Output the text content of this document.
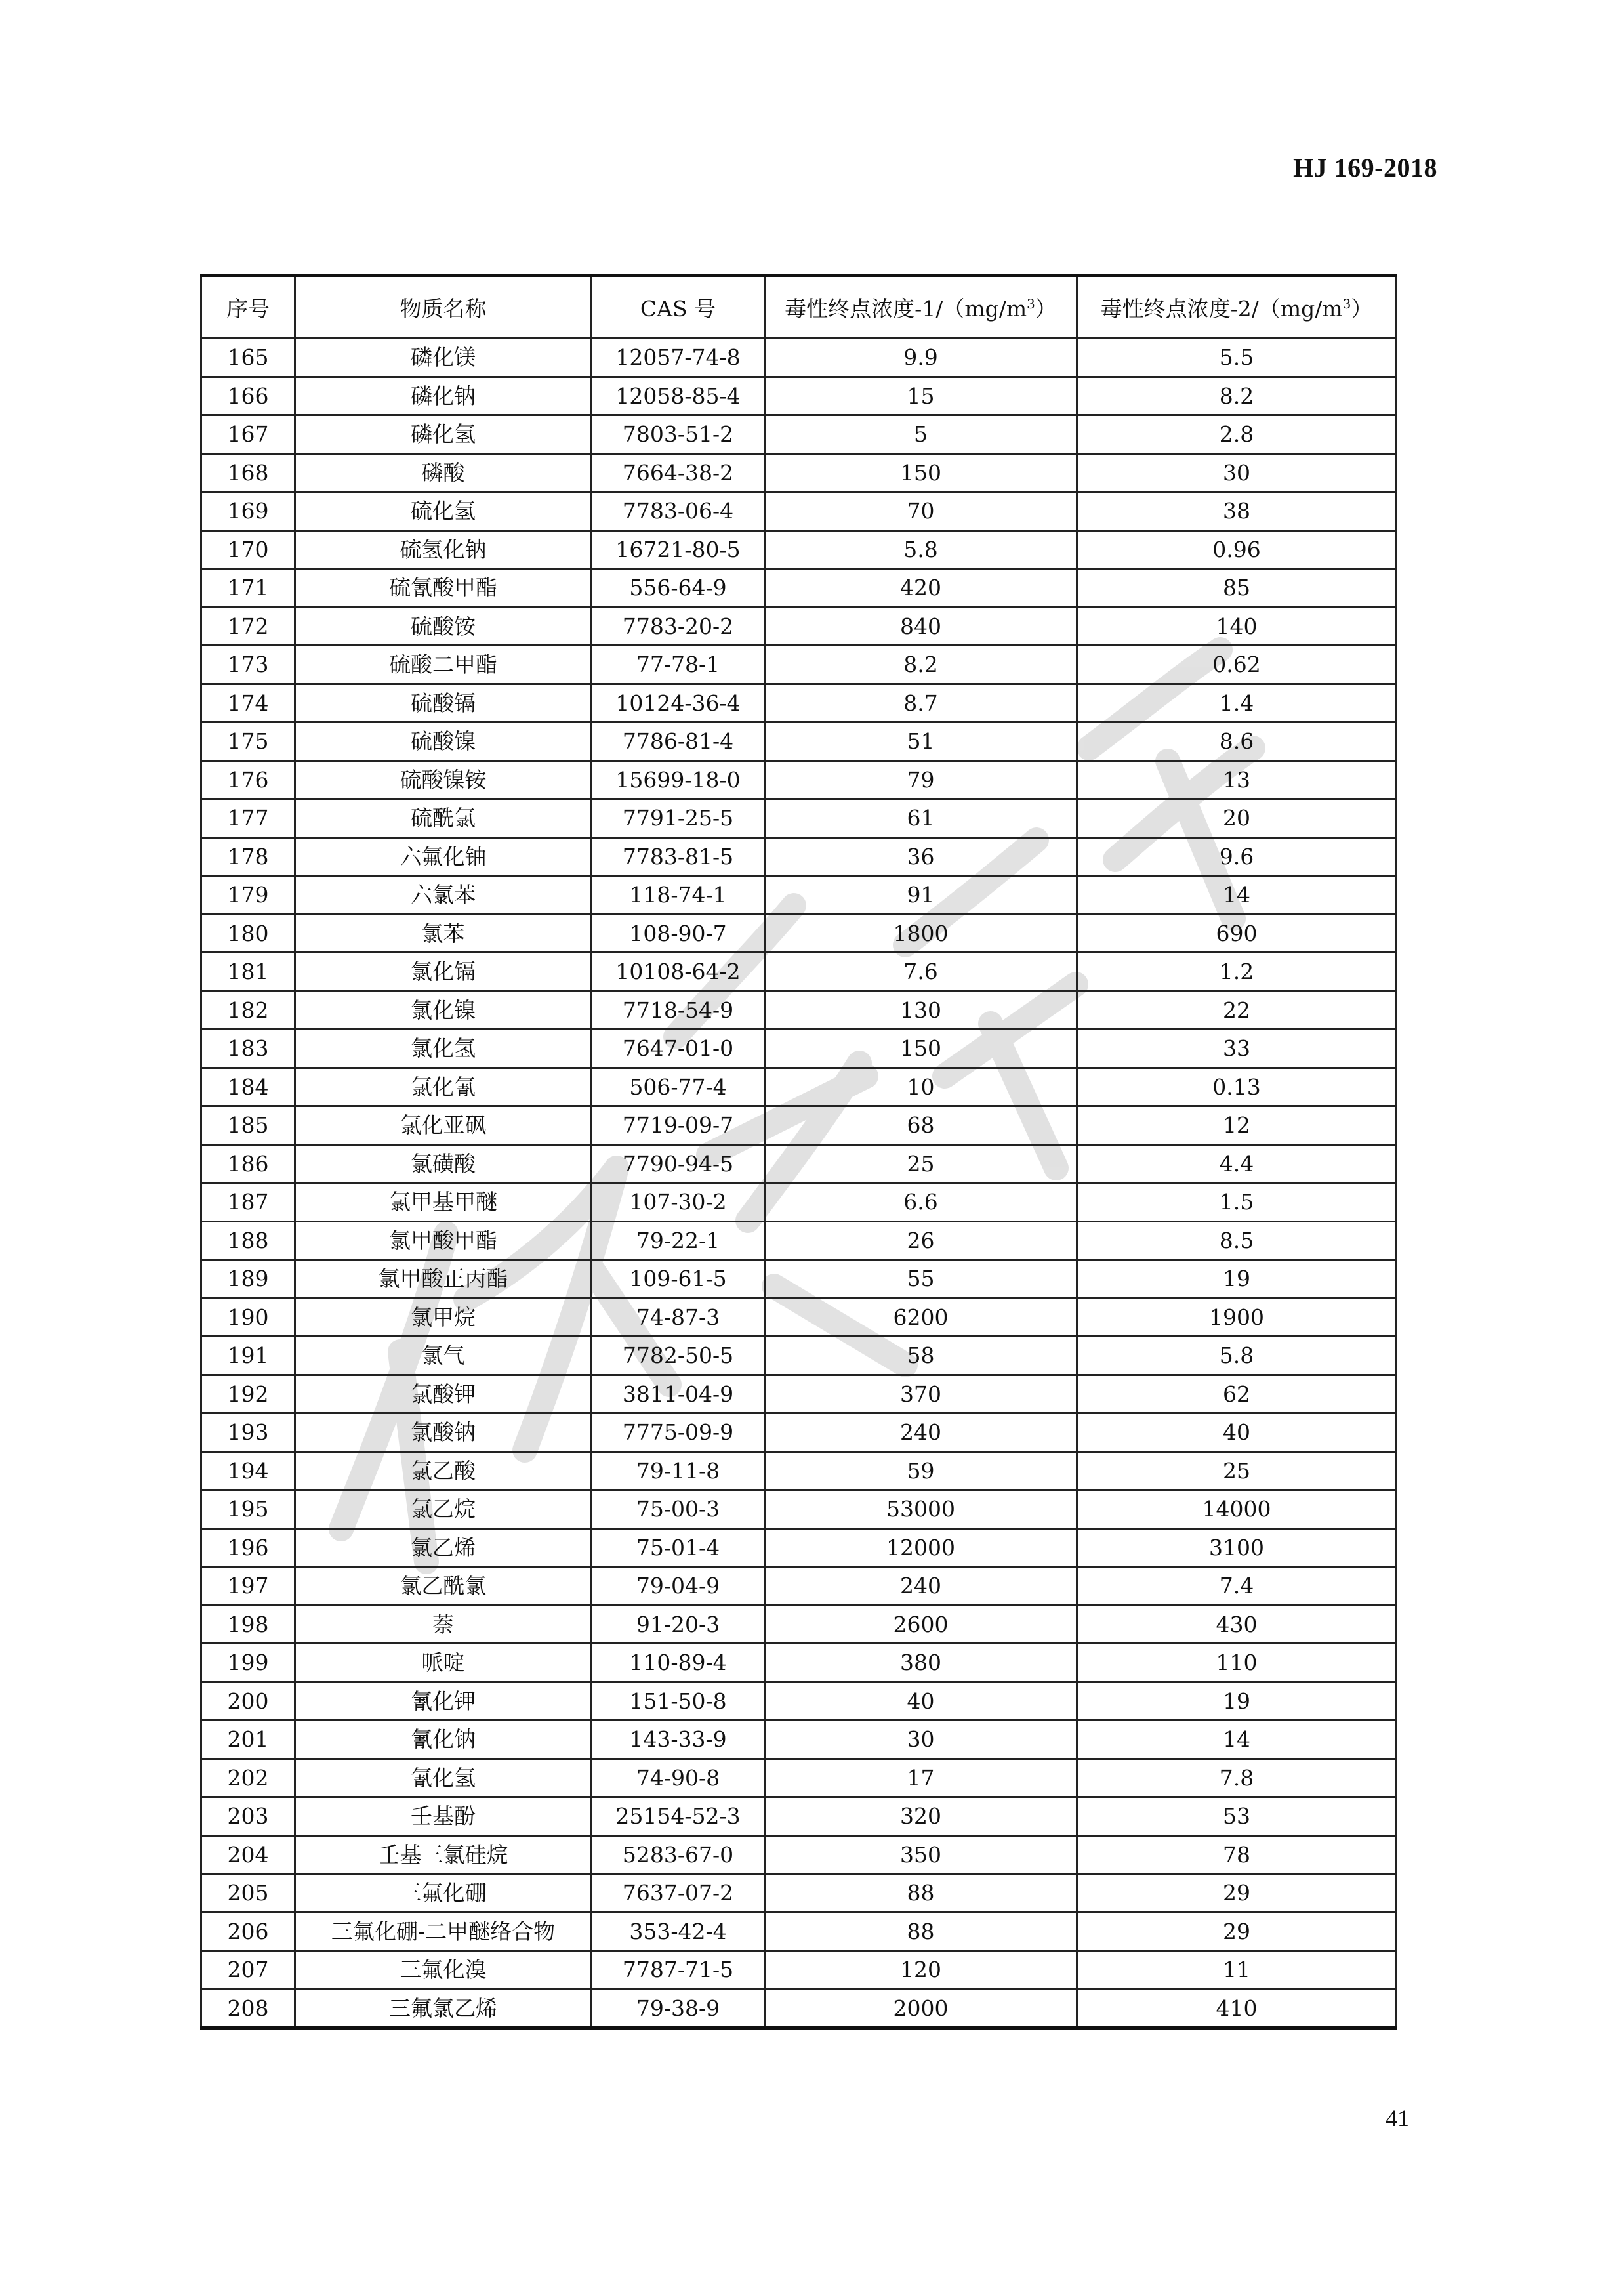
HJ 169-2018
序号	物质名称	CAS 号	毒性终点浓度$-1/(mg/m^3)$	毒性终点浓度$-2/(mg/m^3)$
165	磷化镁	12057-74-8	9.9	5.5
166	磷化钠	12058-85-4	15	8.2
167	磷化氢	7803-51-2	5	2.8
168	磷酸	7664-38-2	150	30
169	硫化氢	7783-06-4	70	38
170	硫氢化钠	16721-80-5	5.8	0.96
171	硫氰酸甲酯	556-64-9	420	85
172	硫酸铵	7783-20-2	840	140
173	硫酸二甲酯	77-78-1	8.2	0.62
174	硫酸镉	10124-36-4	8.7	1.4
175	硫酸镍	7786-81-4	51	8.6
176	硫酸镍铵	15699-18-0	79	13
177	硫酰氯	7791-25-5	61	20
178	六氟化铀	7783-81-5	36	9.6
179	六氯苯	118-74-1	91	14
180	氯苯	108-90-7	1800	690
181	氯化镉	10108-64-2	7.6	1.2
182	氯化镍	7718-54-9	130	22
183	氯化氢	7647-01-0	150	33
184	氯化氰	506-77-4	10	0.13
185	氯化亚砜	7719-09-7	68	12
186	氯磺酸	7790-94-5	25	4.4
187	氯甲基甲醚	107-30-2	6.6	1.5
188	氯甲酸甲酯	79-22-1	26	8.5
189	氯甲酸正丙酯	109-61-5	55	19
190	氯甲烷	74-87-3	6200	1900
191	氯气	7782-50-5	58	5.8
192	氯酸钾	3811-04-9	370	62
193	氯酸钠	7775-09-9	240	40
194	氯乙酸	79-11-8	59	25
195	氯乙烷	75-00-3	53000	14000
196	氯乙烯	75-01-4	12000	3100
197	氯乙酰氯	79-04-9	240	7.4
198	萘	91-20-3	2600	430
199	哌啶	110-89-4	380	110
200	氰化钾	151-50-8	40	19
201	氰化钠	143-33-9	30	14
202	氰化氢	74-90-8	17	7.8
203	壬基酚	25154-52-3	320	53
204	壬基三氯硅烷	5283-67-0	350	78
205	三氟化硼	7637-07-2	88	29
206	三氟化硼-二甲醚络合物	353-42-4	88	29
207	三氟化溴	7787-71-5	120	11
208	三氟氯乙烯	79-38-9	2000	410
41
